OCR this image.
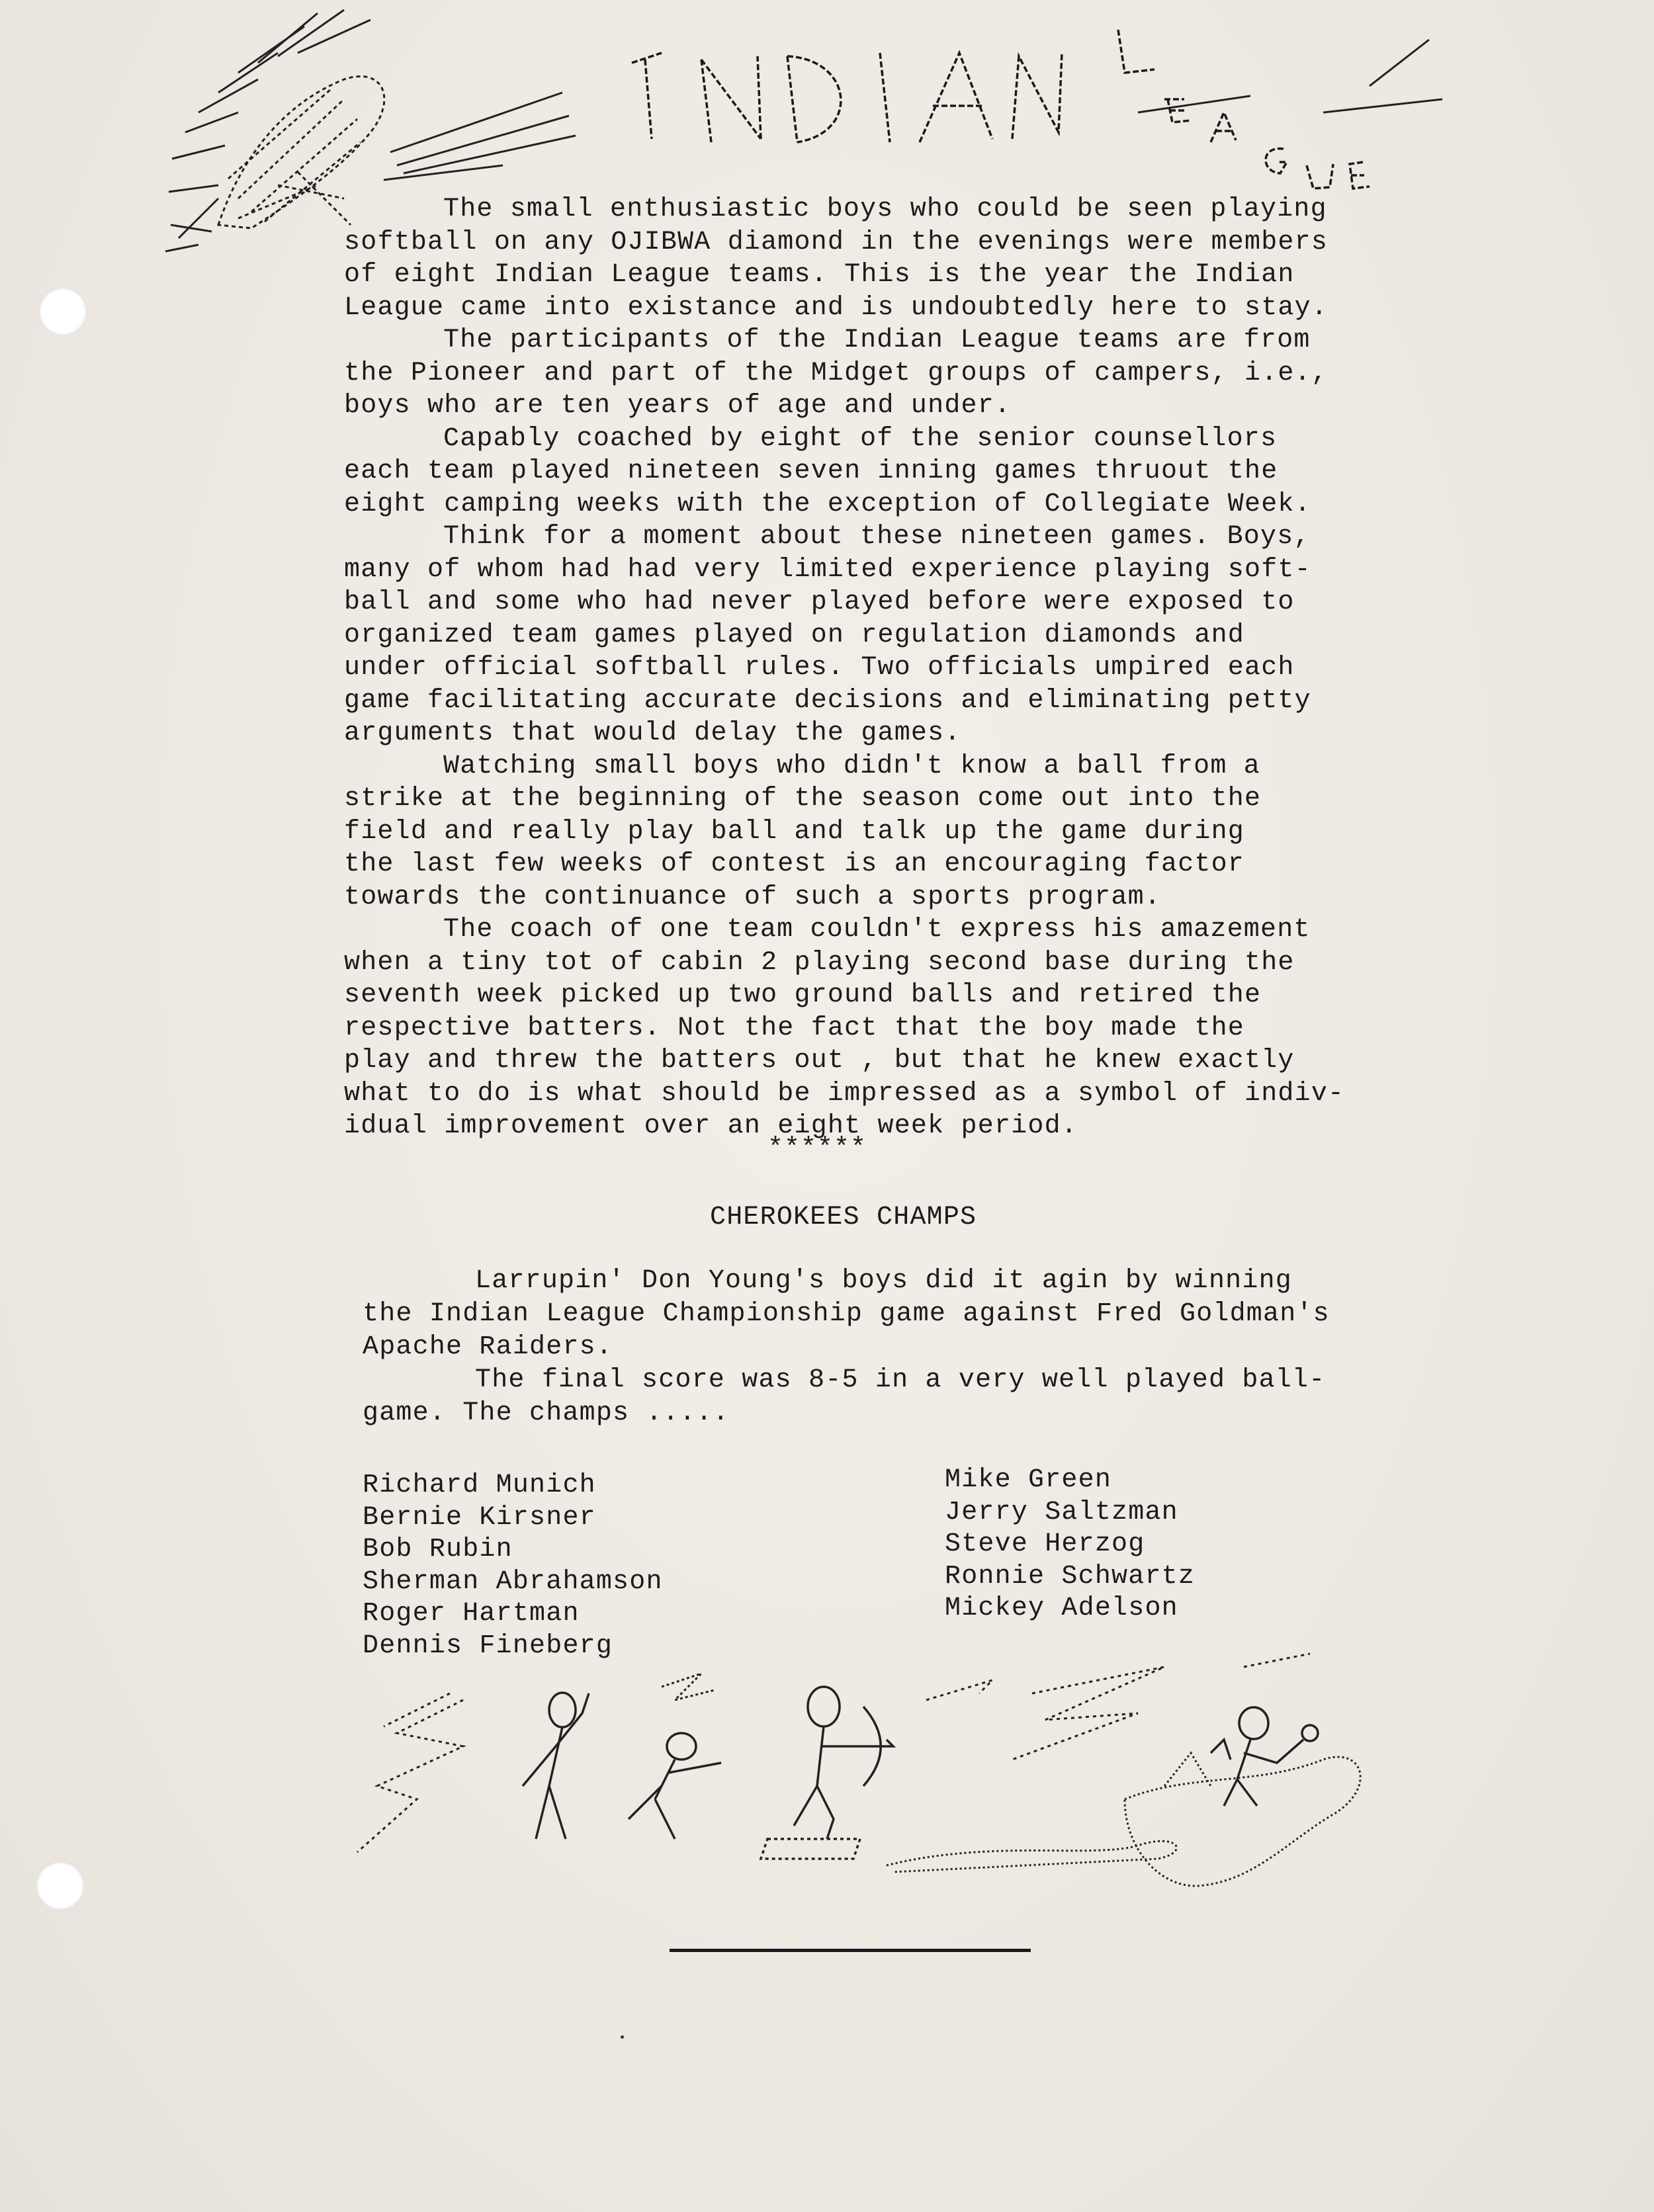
The small enthusiastic boys who could be seen playing
softball on any OJIBWA diamond in the evenings were members
of eight Indian League teams. This is the year the Indian
League came into existance and is undoubtedly here to stay.

The participants of the Indian League teams are from
the Pioneer and part of the Midget groups of campers, i.e.,
boys who are ten years of age and under.

Capably coached by eight of the senior counsellors
each team played nineteen seven inning games thruout the
eight camping weeks with the exception of Collegiate Week.

Think for a moment about these nineteen games. Boys,
many of whom had had very limited experience playing soft-
ball and some who had never played before were exposed to
organized team games played on regulation diamonds and
under official softball rules. Two officials umpired each
game facilitating accurate decisions and eliminating petty
arguments that would delay the games.

Watching small boys who didn't know a ball from a
strike at the beginning of the season come out into the
field and really play ball and talk up the game during
the last few weeks of contest is an encouraging factor
towards the continuance of such a sports program.

The coach of one team couldn't express his amazement
when a tiny tot of cabin 2 playing second base during the
seventh week picked up two ground balls and retired the
respective batters. Not the fact that the boy made the
play and threw the batters out , but that he knew exactly
what to do is what should be impressed as a symbol of indiv-
idual improvement over an eight week period.

******
CHEROKEES CHAMPS

Larrupin' Don Young's boys did it agin by winning
the Indian League Championship game against Fred Goldman's
Apache Raiders.

The final score was 8-5 in a very well played ball-
game. The champs .....

Richard Munich
Bernie Kirsner
Bob Rubin
Sherman Abrahamson
Roger Hartman
Dennis Fineberg
Mike Green
Jerry Saltzman
Steve Herzog
Ronnie Schwartz
Mickey Adelson
